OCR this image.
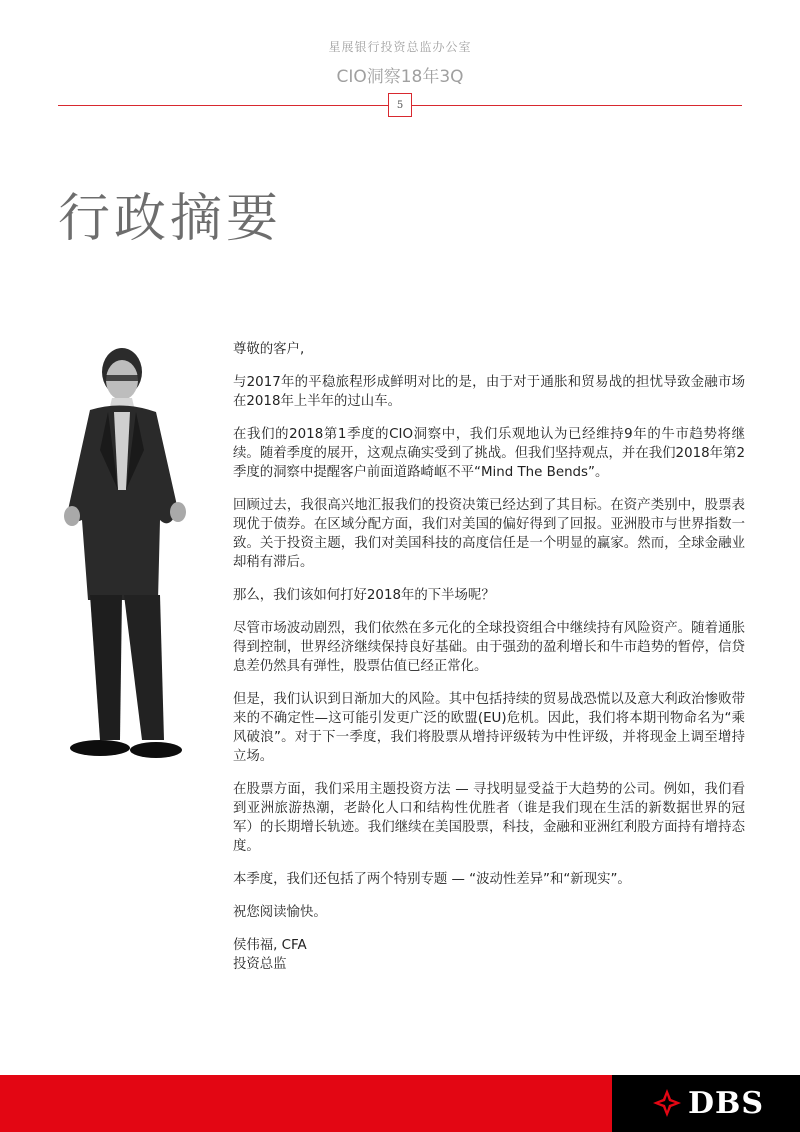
星展银行投资总监办公室
CIO洞察18年3Q
5
行政摘要

尊敬的客户,

与2017年的平稳旅程形成鲜明对比的是，由于对于通胀和贸易战的担忧导致金融市场在2018年上半年的过山车。

在我们的2018第1季度的CIO洞察中，我们乐观地认为已经维持9年的牛市趋势将继续。随着季度的展开，这观点确实受到了挑战。但我们坚持观点，并在我们2018年第2季度的洞察中提醒客户前面道路崎岖不平“Mind The Bends”。

回顾过去，我很高兴地汇报我们的投资决策已经达到了其目标。在资产类别中，股票表现优于债券。在区域分配方面，我们对美国的偏好得到了回报。亚洲股市与世界指数一致。关于投资主题，我们对美国科技的高度信任是一个明显的赢家。然而，全球金融业却稍有滞后。

那么，我们该如何打好2018年的下半场呢？

尽管市场波动剧烈，我们依然在多元化的全球投资组合中继续持有风险资产。随着通胀得到控制，世界经济继续保持良好基础。由于强劲的盈利增长和牛市趋势的暂停，信贷息差仍然具有弹性，股票估值已经正常化。

但是，我们认识到日渐加大的风险。其中包括持续的贸易战恐慌以及意大利政治惨败带来的不确定性—这可能引发更广泛的欧盟(EU)危机。因此，我们将本期刊物命名为“乘风破浪”。对于下一季度，我们将股票从增持评级转为中性评级，并将现金上调至增持立场。

在股票方面，我们采用主题投资方法 — 寻找明显受益于大趋势的公司。例如，我们看到亚洲旅游热潮，老龄化人口和结构性优胜者（谁是我们现在生活的新数据世界的冠军）的长期增长轨迹。我们继续在美国股票，科技，金融和亚洲红利股方面持有增持态度。

本季度，我们还包括了两个特别专题 — “波动性差异”和“新现实”。

祝您阅读愉快。

侯伟福, CFA
投资总监
DBS
